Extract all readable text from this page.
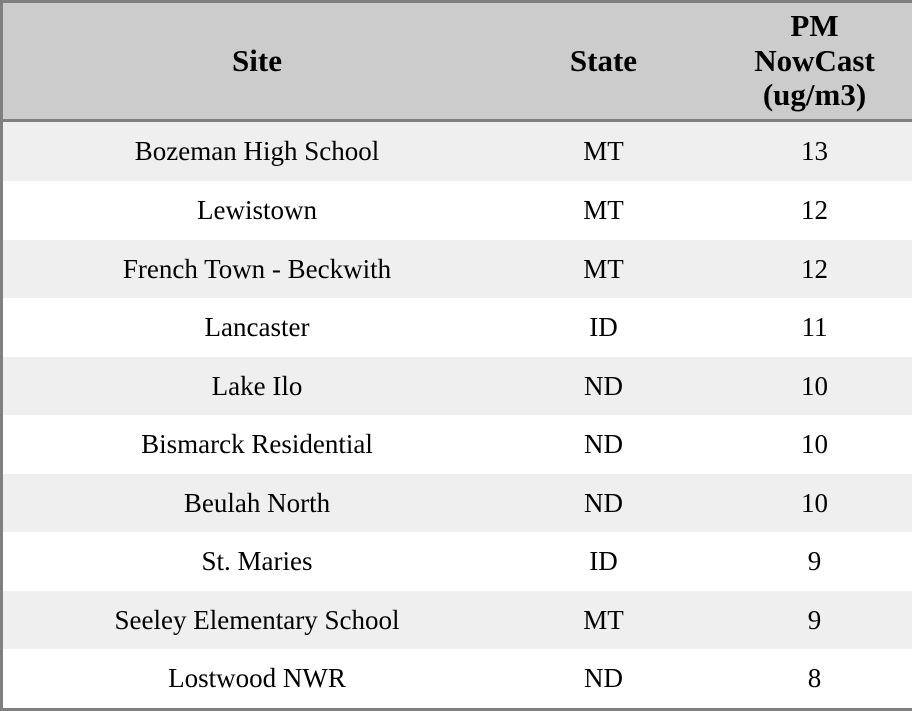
Site	State	PM
NowCast
(ug/m3)
Bozeman High School	MT	13
Lewistown	MT	12
French Town - Beckwith	MT	12
Lancaster	ID	11
Lake Ilo	ND	10
Bismarck Residential	ND	10
Beulah North	ND	10
St. Maries	ID	9
Seeley Elementary School	MT	9
Lostwood NWR	ND	8
